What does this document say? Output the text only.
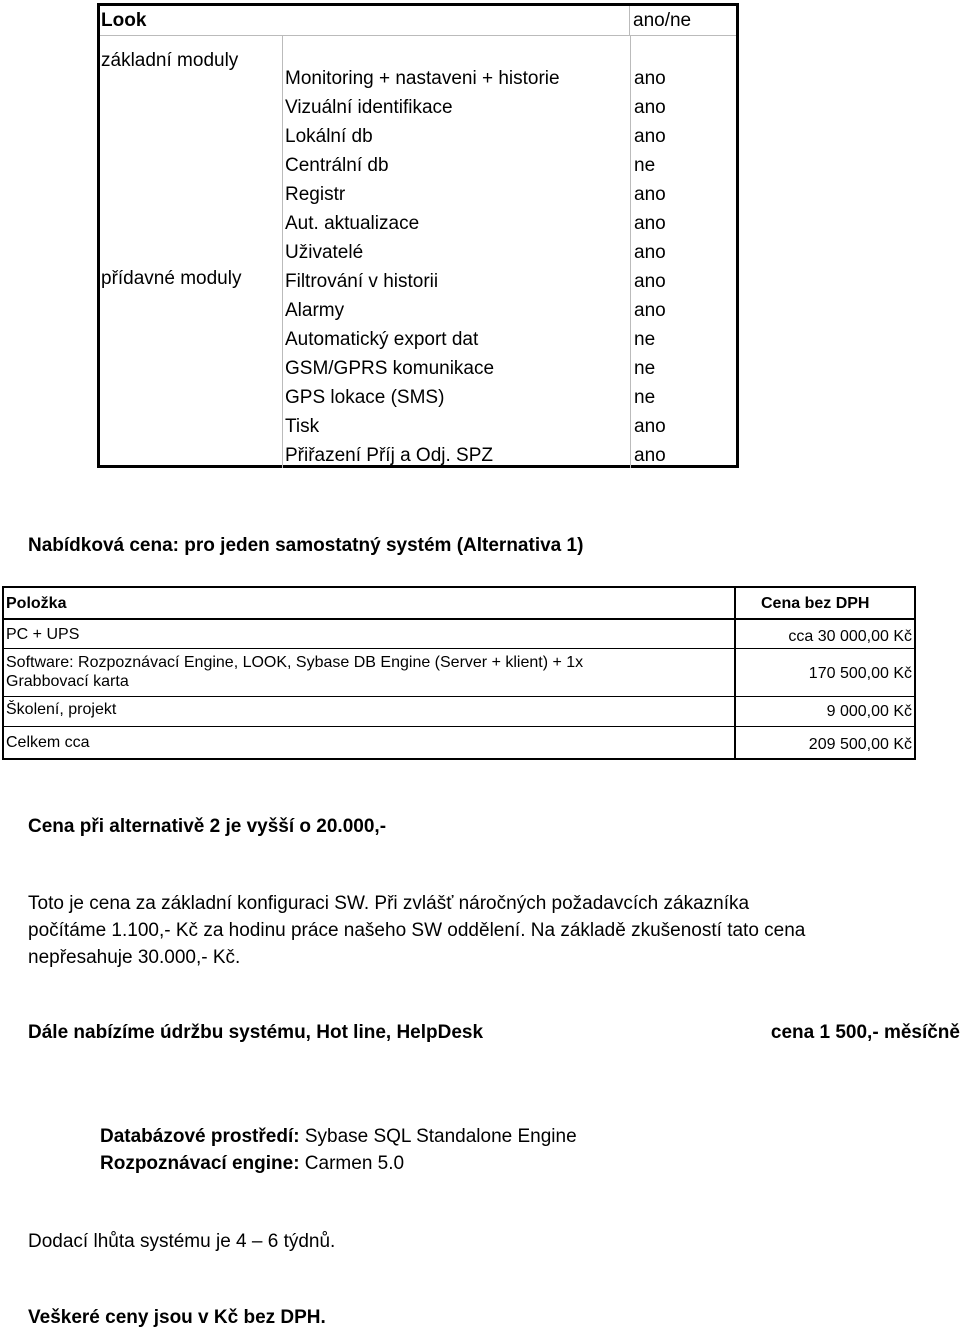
Look	ano/ne
základní moduly
přídavné moduly
Monitoring + nastaveni + historie	ano
Vizuální identifikace	ano
Lokální db	ano
Centrální db	ne
Registr	ano
Aut. aktualizace	ano
Uživatelé	ano
Filtrování v historii	ano
Alarmy	ano
Automatický export dat	ne
GSM/GPRS komunikace	ne
GPS lokace (SMS)	ne
Tisk	ano
Přiřazení Příj a Odj. SPZ	ano
Nabídková cena: pro jeden samostatný systém (Alternativa 1)
Položka	Cena bez DPH
PC + UPS	cca 30 000,00 Kč
Software: Rozpoznávací Engine, LOOK, Sybase DB Engine (Server + klient) + 1x
Grabbovací karta	170 500,00 Kč
Školení, projekt	9 000,00 Kč
Celkem cca	209 500,00 Kč
Cena při alternativě 2 je vyšší o 20.000,-
Toto je cena za základní konfiguraci SW. Při zvlášť náročných požadavcích zákazníka
počítáme 1.100,- Kč za hodinu práce našeho SW oddělení. Na základě zkušeností tato cena
nepřesahuje 30.000,- Kč.
Dále nabízíme údržbu systému, Hot line, HelpDesk	cena 1 500,- měsíčně
Databázové prostředí: Sybase SQL Standalone Engine
Rozpoznávací engine: Carmen 5.0
Dodací lhůta systému je 4 – 6 týdnů.
Veškeré ceny jsou v Kč bez DPH.
